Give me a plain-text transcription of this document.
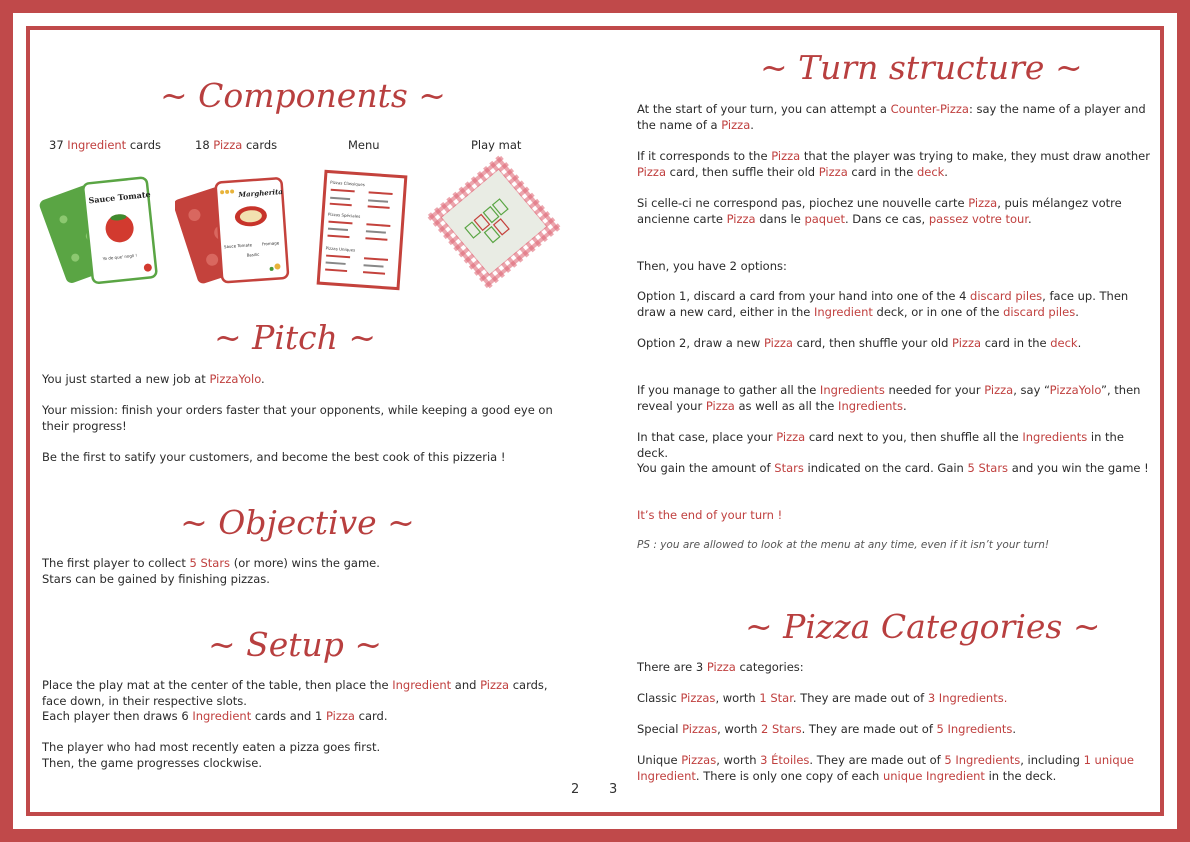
~ Components ~
37 Ingredient cards	18 Pizza cards	Menu	Play mat
Sauce Tomate
Yo de que' nogli !
Margherita
Sauce Tomate Fromage
Basilic
Pizzas Classiques
Pizzas Spéciales
Pizzas Uniques
~ Pitch ~

You just started a new job at PizzaYolo.

Your mission: finish your orders faster that your opponents, while keeping a good eye on their progress!

Be the first to satify your customers, and become the best cook of this pizzeria !

~ Objective ~

The first player to collect 5 Stars (or more) wins the game.

Stars can be gained by finishing pizzas.

~ Setup ~

Place the play mat at the center of the table, then place the Ingredient and Pizza cards, face down, in their respective slots.

Each player then draws 6 Ingredient cards and 1 Pizza card.

The player who had most recently eaten a pizza goes first.

Then, the game progresses clockwise.

2 3
~ Turn structure ~

At the start of your turn, you can attempt a Counter-Pizza: say the name of a player and the name of a Pizza.

If it corresponds to the Pizza that the player was trying to make, they must draw another Pizza card, then suffle their old Pizza card in the deck.

Si celle-ci ne correspond pas, piochez une nouvelle carte Pizza, puis mélangez votre ancienne carte Pizza dans le paquet. Dans ce cas, passez votre tour.

Then, you have 2 options:

Option 1, discard a card from your hand into one of the 4 discard piles, face up. Then draw a new card, either in the Ingredient deck, or in one of the discard piles.

Option 2, draw a new Pizza card, then shuffle your old Pizza card in the deck.

If you manage to gather all the Ingredients needed for your Pizza, say “PizzaYolo”, then reveal your Pizza as well as all the Ingredients.

In that case, place your Pizza card next to you, then shuffle all the Ingredients in the deck.

You gain the amount of Stars indicated on the card. Gain 5 Stars and you win the game !

It’s the end of your turn !

PS : you are allowed to look at the menu at any time, even if it isn’t your turn!

~ Pizza Categories ~

There are 3 Pizza categories:

Classic Pizzas, worth 1 Star. They are made out of 3 Ingredients.

Special Pizzas, worth 2 Stars. They are made out of 5 Ingredients.

Unique Pizzas, worth 3 Étoiles. They are made out of 5 Ingredients, including 1 unique Ingredient. There is only one copy of each unique Ingredient in the deck.
